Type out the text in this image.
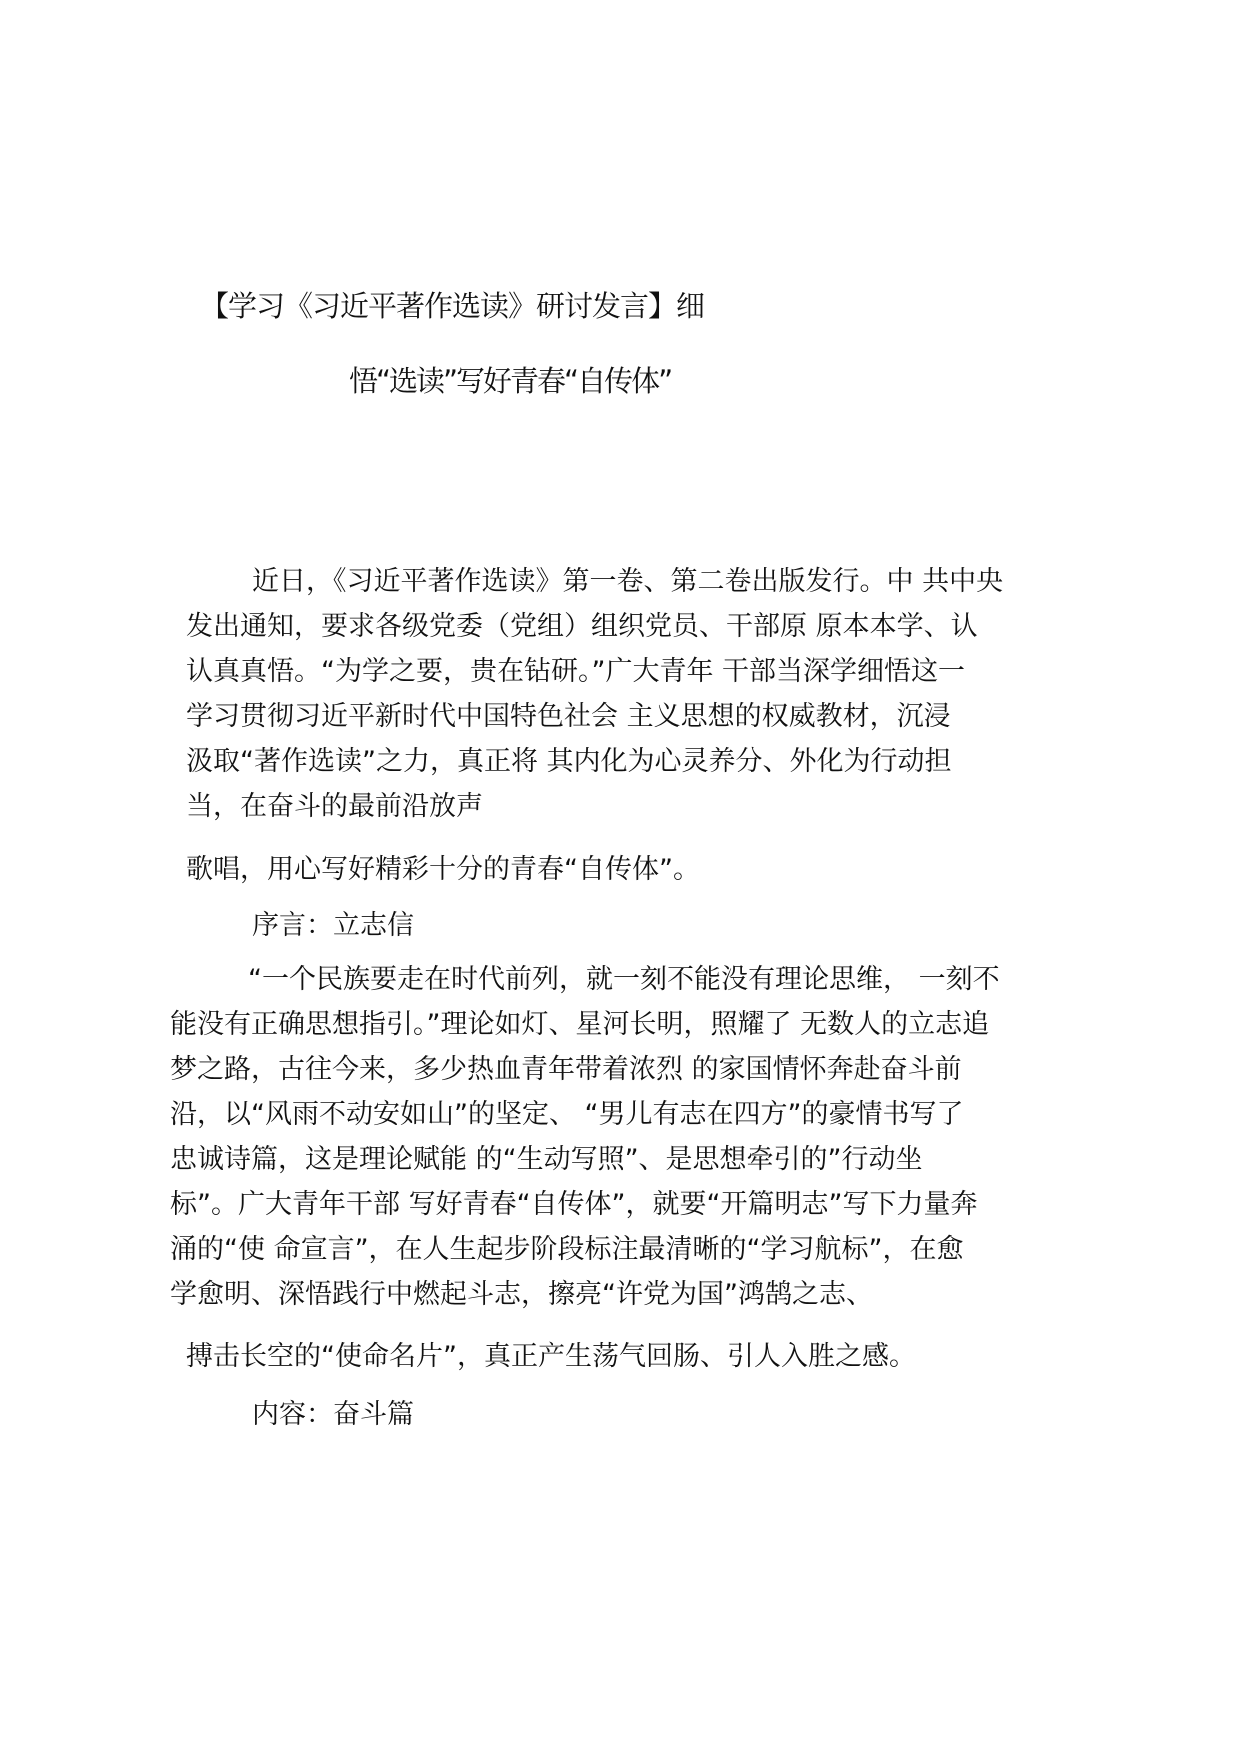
【学习《习近平著作选读》研讨发言】细
悟“选读”写好青春“自传体”
近日，《习近平著作选读》第一卷、第二卷出版发行。中 共中央
发出通知，要求各级党委（党组）组织党员、干部原 原本本学、认
认真真悟。“为学之要，贵在钻研。”广大青年 干部当深学细悟这一
学习贯彻习近平新时代中国特色社会 主义思想的权威教材，沉浸
汲取“著作选读”之力，真正将 其内化为心灵养分、外化为行动担
当，在奋斗的最前沿放声
歌唱，用心写好精彩十分的青春“自传体”。
序言：立志信
“一个民族要走在时代前列，就一刻不能没有理论思维， 一刻不
能没有正确思想指引。”理论如灯、星河长明，照耀了 无数人的立志追
梦之路，古往今来，多少热血青年带着浓烈 的家国情怀奔赴奋斗前
沿，以“风雨不动安如山”的坚定、 “男儿有志在四方”的豪情书写了
忠诚诗篇，这是理论赋能 的“生动写照”、是思想牵引的”行动坐
标”。广大青年干部 写好青春“自传体”，就要“开篇明志”写下力量奔
涌的“使 命宣言”，在人生起步阶段标注最清晰的“学习航标”，在愈
学愈明、深悟践行中燃起斗志，擦亮“许党为国”鸿鹄之志、
搏击长空的“使命名片”，真正产生荡气回肠、引人入胜之感。
内容：奋斗篇
